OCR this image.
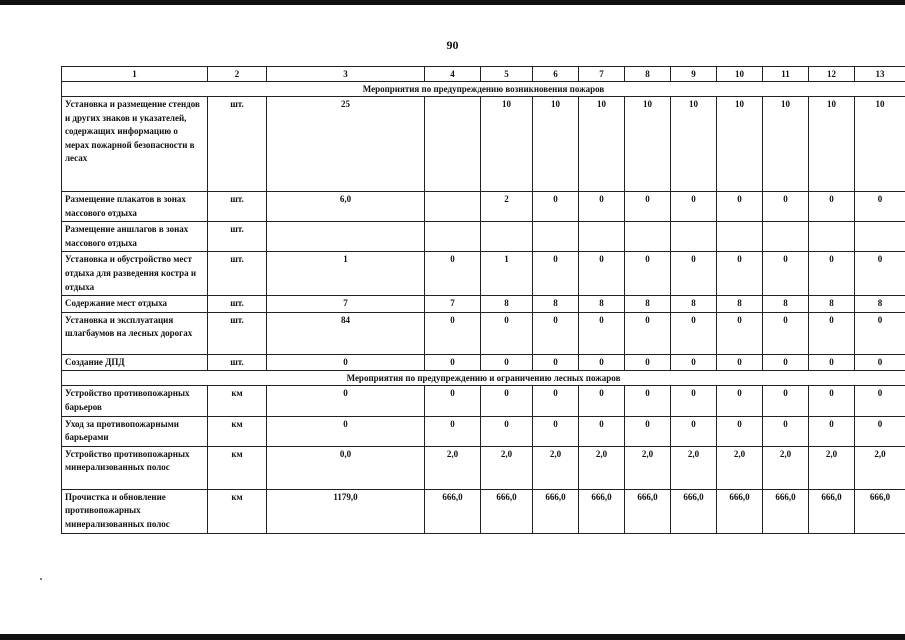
90
1	2	3	4	5	6	7	8	9	10	11	12	13
Мероприятия по предупреждению возникновения пожаров												
Установка и размещение стендов и других знаков и указателей, содержащих информацию о мерах пожарной безопасности в лесах	шт.	25		10	10	10	10	10	10	10	10	10
Размещение плакатов в зонах массового отдыха	шт.	6,0		2	0	0	0	0	0	0	0	0
Размещение аншлагов в зонах массового отдыха	шт.											
Установка и обустройство мест отдыха для разведения костра и отдыха	шт.	1	0	1	0	0	0	0	0	0	0	0
Содержание мест отдыха	шт.	7	7	8	8	8	8	8	8	8	8	8
Установка и эксплуатация шлагбаумов на лесных дорогах	шт.	84	0	0	0	0	0	0	0	0	0	0
Создание ДПД	шт.	0	0	0	0	0	0	0	0	0	0	0
Мероприятия по предупреждению и ограничению лесных пожаров												
Устройство противопожарных барьеров	км	0	0	0	0	0	0	0	0	0	0	0
Уход за противопожарными барьерами	км	0	0	0	0	0	0	0	0	0	0	0
Устройство противопожарных минерализованных полос	км	0,0	2,0	2,0	2,0	2,0	2,0	2,0	2,0	2,0	2,0	2,0
Прочистка и обновление противопожарных минерализованных полос	км	1179,0	666,0	666,0	666,0	666,0	666,0	666,0	666,0	666,0	666,0	666,0
